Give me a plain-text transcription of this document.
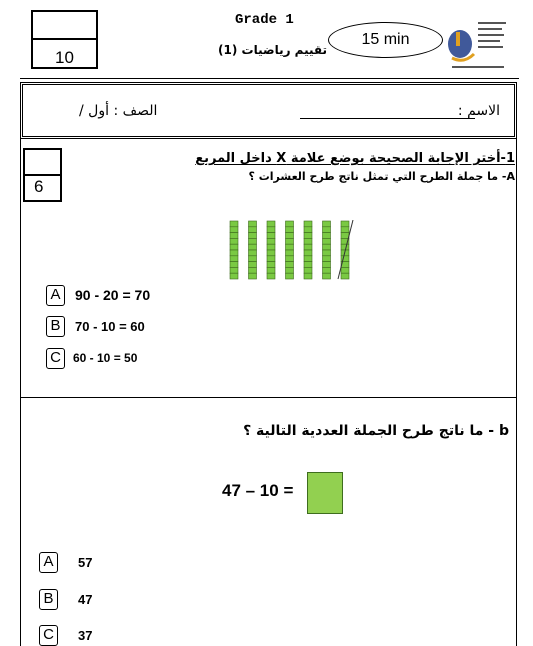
10
Grade 1
تقييم رياضيات (1)
15 min
الاسم :
الصف : أول /
6
1-أختر الإجابة الصحيحة بوضع علامة X داخل المربع
A- ما جملة الطرح التي تمثل ناتج طرح العشرات ؟
A	90 - 20 = 70
B	70 - 10 = 60
C	60 - 10 = 50
b - ما ناتج طرح الجملة العددية التالية ؟
47 – 10 =
A	57
B	47
C	37
